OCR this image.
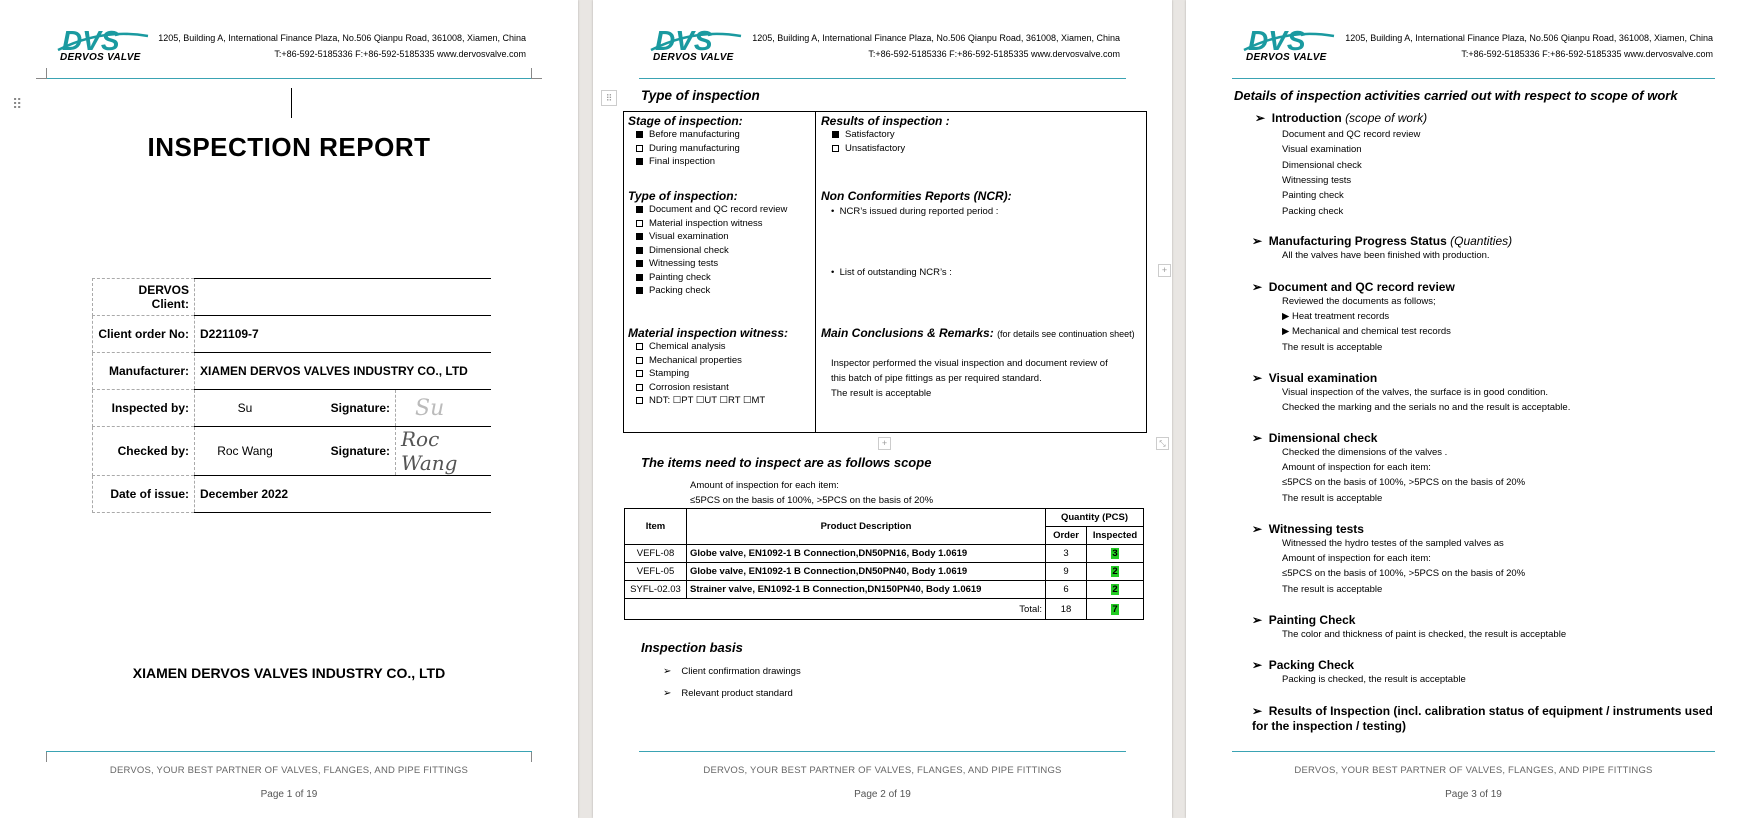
DVS
DERVOS VALVE
1205, Building A, International Finance Plaza, No.506 Qianpu Road, 361008, Xiamen, China
T:+86-592-5185336 F:+86-592-5185335 www.dervosvalve.com
⠿
INSPECTION REPORT
DERVOS Client:			
Client order No:	D221109-7		
Manufacturer:	XIAMEN DERVOS VALVES INDUSTRY CO., LTD		
Inspected by:	Su	Signature:	Su
Checked by:	Roc Wang	Signature:	Roc Wang
Date of issue:	December 2022		
XIAMEN DERVOS VALVES INDUSTRY CO., LTD
DERVOS, YOUR BEST PARTNER OF VALVES, FLANGES, AND PIPE FITTINGS
Page 1 of 19
DVS
DERVOS VALVE
1205, Building A, International Finance Plaza, No.506 Qianpu Road, 361008, Xiamen, China
T:+86-592-5185336 F:+86-592-5185335 www.dervosvalve.com
⠿	Type of inspection
Stage of inspection:
Before manufacturing
During manufacturing
Final inspection
Type of inspection:
Document and QC record review
Material inspection witness
Visual examination
Dimensional check
Witnessing tests
Painting check
Packing check
Material inspection witness:
Chemical analysis
Mechanical properties
Stamping
Corrosion resistant
NDT: ☐PT ☐UT ☐RT ☐MT
Results of inspection :
Satisfactory
Unsatisfactory
Non Conformities Reports (NCR):
•  NCR’s issued during reported period :
•  List of outstanding NCR’s :
Main Conclusions & Remarks: (for details see continuation sheet)
Inspector performed the visual inspection and document review of
this batch of pipe fittings as per required standard.
The result is acceptable
+	⤡
+
The items need to inspect are as follows scope
Amount of inspection for each item:
≤5PCS on the basis of 100%, >5PCS on the basis of 20%
Item	Product Description	Quantity (PCS)	
		Order	Inspected
VEFL-08	Globe valve, EN1092-1 B Connection,DN50PN16, Body 1.0619	3	3
VEFL-05	Globe valve, EN1092-1 B Connection,DN50PN40, Body 1.0619	9	2
SYFL-02.03	Strainer valve, EN1092-1 B Connection,DN150PN40, Body 1.0619	6	2
Total:		18	7
Inspection basis
➢ Client confirmation drawings
➢ Relevant product standard
DERVOS, YOUR BEST PARTNER OF VALVES, FLANGES, AND PIPE FITTINGS
Page 2 of 19
DVS
DERVOS VALVE
1205, Building A, International Finance Plaza, No.506 Qianpu Road, 361008, Xiamen, China
T:+86-592-5185336 F:+86-592-5185335 www.dervosvalve.com
Details of inspection activities carried out with respect to scope of work
➢  Introduction (scope of work)
Document and QC record review
Visual examination
Dimensional check
Witnessing tests
Painting check
Packing check
➢  Manufacturing Progress Status (Quantities)
All the valves have been finished with production.
➢  Document and QC record review
Reviewed the documents as follows;
▶ Heat treatment records
▶ Mechanical and chemical test records
The result is acceptable
➢  Visual examination
Visual inspection of the valves, the surface is in good condition.
Checked the marking and the serials no and the result is acceptable.
➢  Dimensional check
Checked the dimensions of the valves .
Amount of inspection for each item:
≤5PCS on the basis of 100%, >5PCS on the basis of 20%
The result is acceptable
➢  Witnessing tests
Witnessed the hydro testes of the sampled valves as
Amount of inspection for each item:
≤5PCS on the basis of 100%, >5PCS on the basis of 20%
The result is acceptable
➢  Painting Check
The color and thickness of paint is checked, the result is acceptable
➢  Packing Check
Packing is checked, the result is acceptable
➢  Results of Inspection (incl. calibration status of equipment / instruments used
for the inspection / testing)
DERVOS, YOUR BEST PARTNER OF VALVES, FLANGES, AND PIPE FITTINGS
Page 3 of 19
